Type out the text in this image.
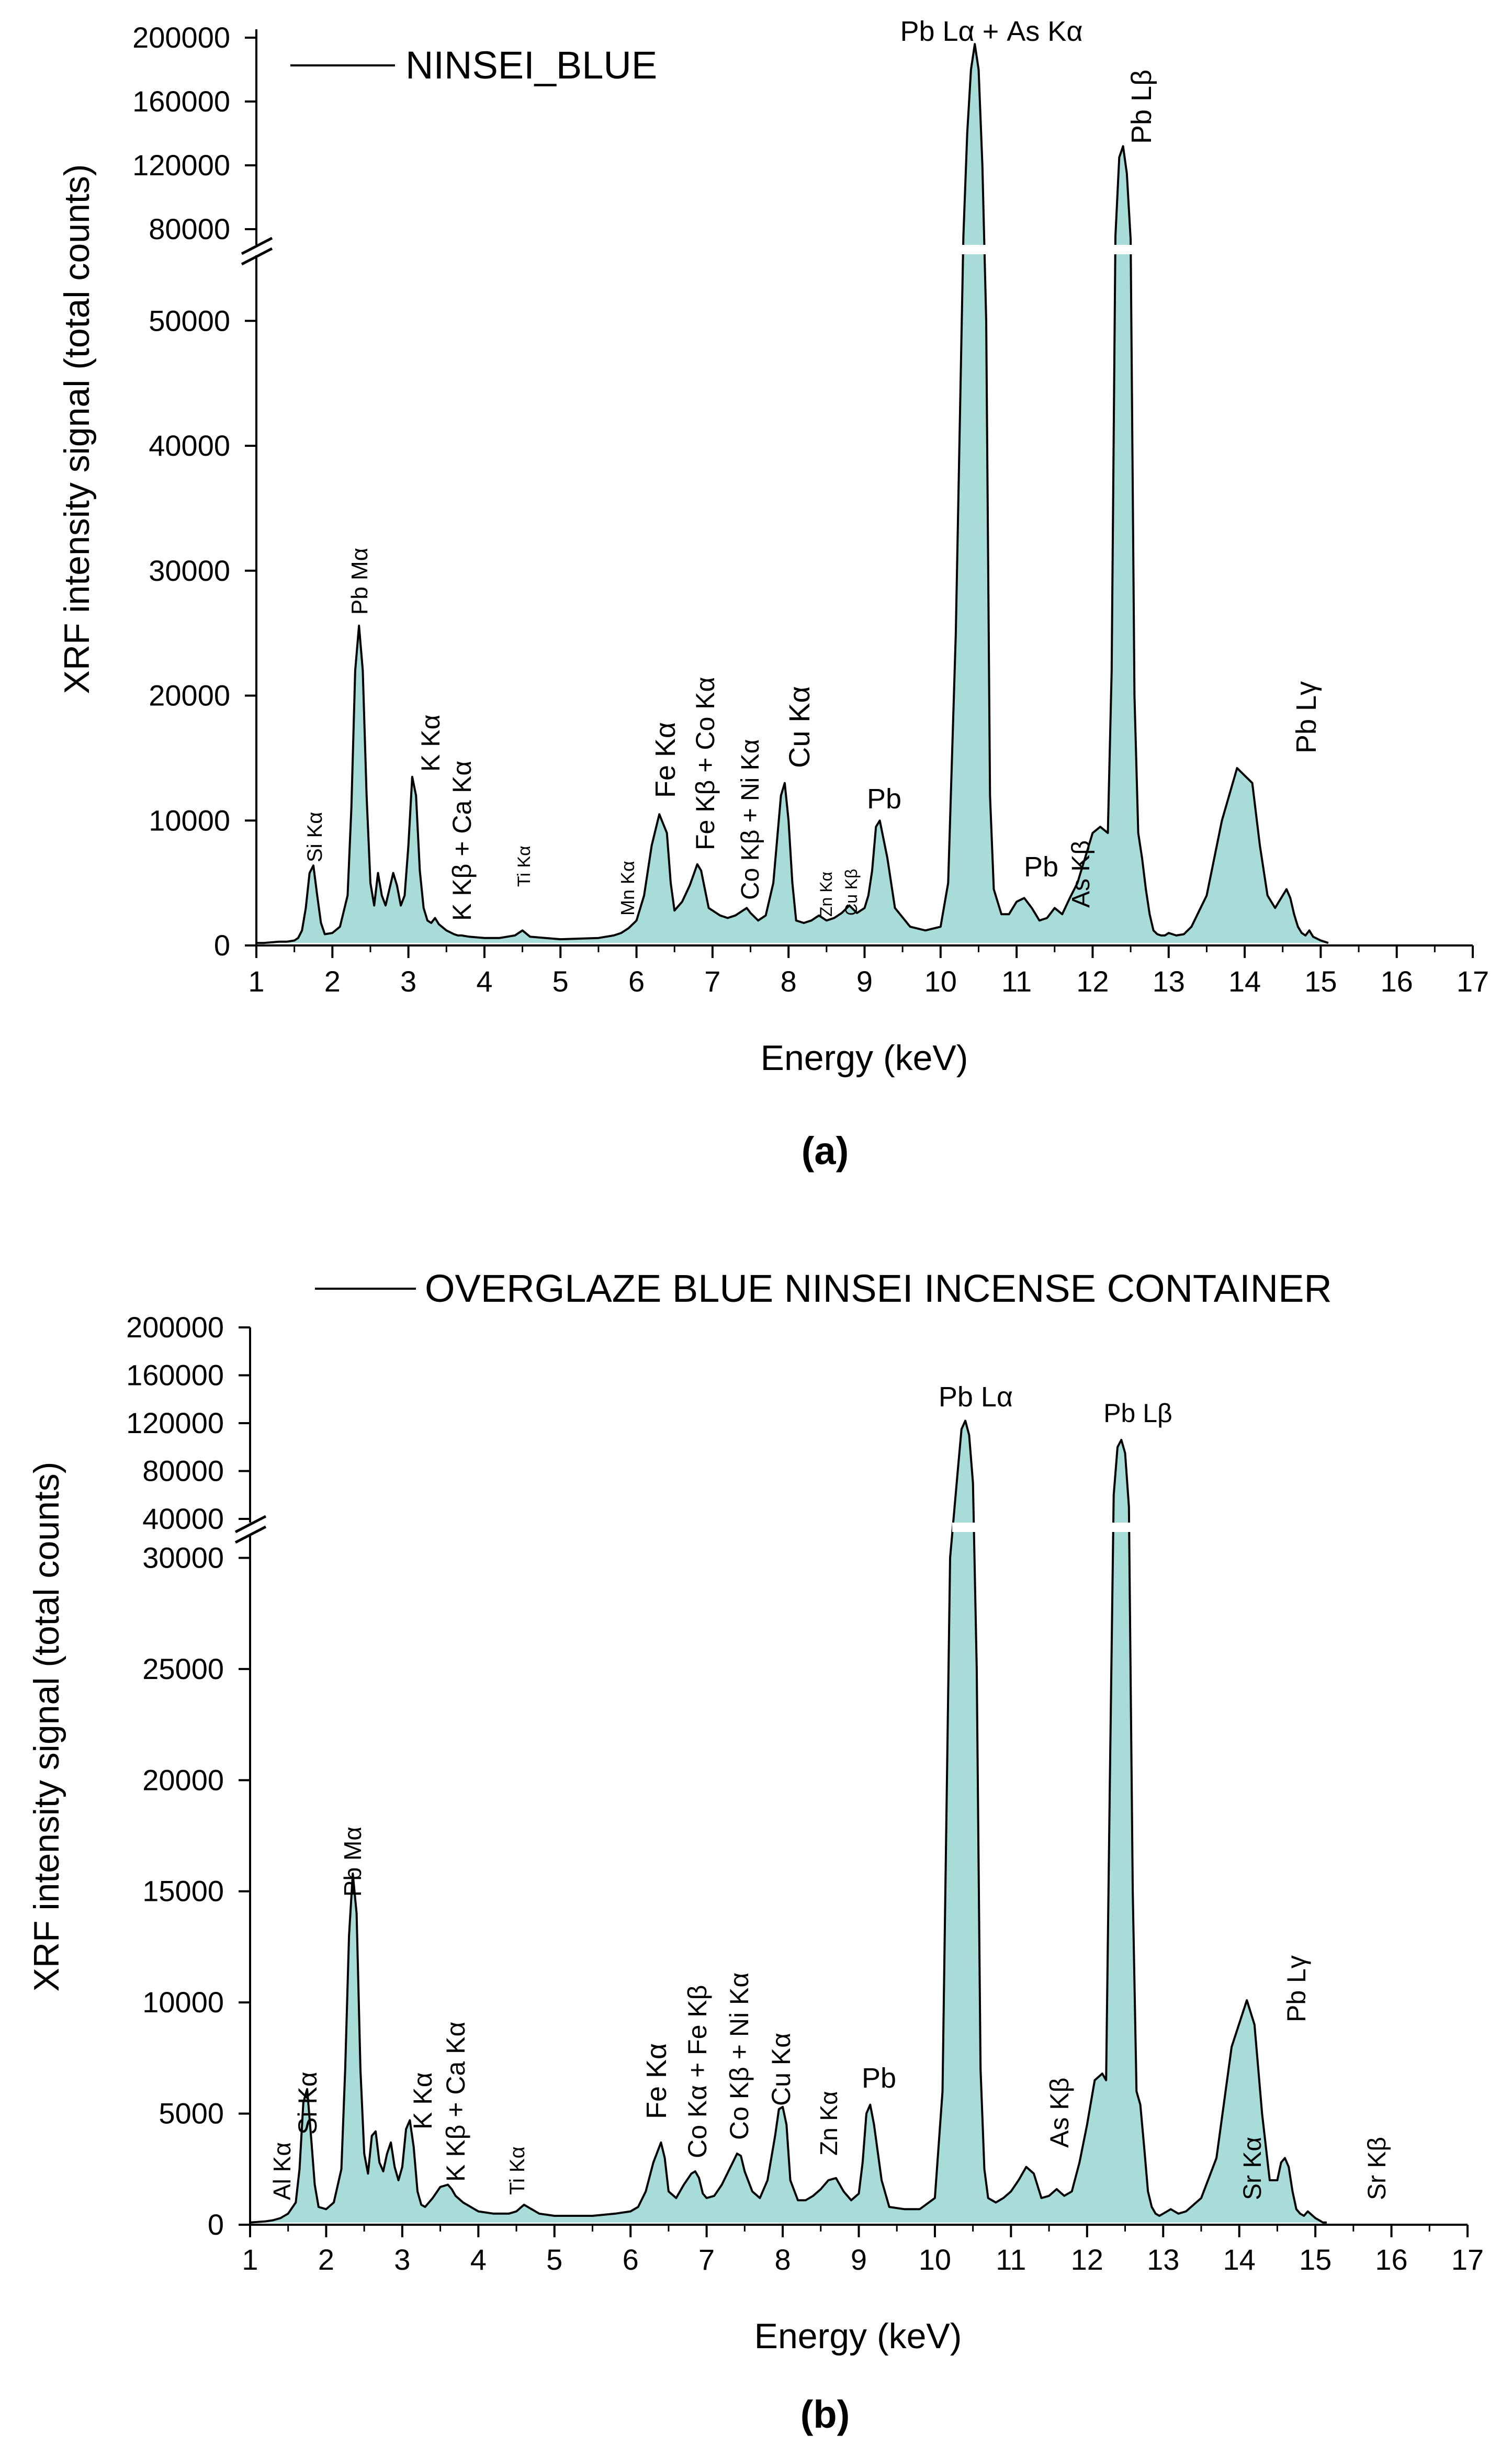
1 2 3 4 5 6 7 8 9 10 11 12 13 14 15 16 17
0
10000
20000
30000
40000
50000
80000
120000
160000
200000
NINSEI_BLUE
Energy (keV)
XRF intensity signal (total counts)
(a)
Si Kα
Pb Mα
K Kα
K Kβ + Ca Kα Ti Kα	Mn Kα
Fe Kα Fe Kβ + Co Kα Co Kβ + Ni Kα
Cu Kα
Zn Kα Cu Kβ
Pb
Pb Lα + As Kα
Pb As Kβ
Pb Lβ
Pb Lγ
1 2 3 4 5 6 7 8 9 10 11 12 13 14 15 16 17
0
5000
10000
15000
20000
25000
30000
40000
80000
120000
160000
200000
OVERGLAZE BLUE NINSEI INCENSE CONTAINER
Energy (keV)
XRF intensity signal (total counts)
(b)
Al Kα
Si Kα
Pb Mα
K Kα K Kβ + Ca Kα Ti Kα
Fe Kα Co Kα + Fe Kβ Co Kβ + Ni Kα Cu Kα
Zn Kα
Pb
Pb Lα
As Kβ
Pb Lβ
Sr Kα
Pb Lγ
Sr Kβ
